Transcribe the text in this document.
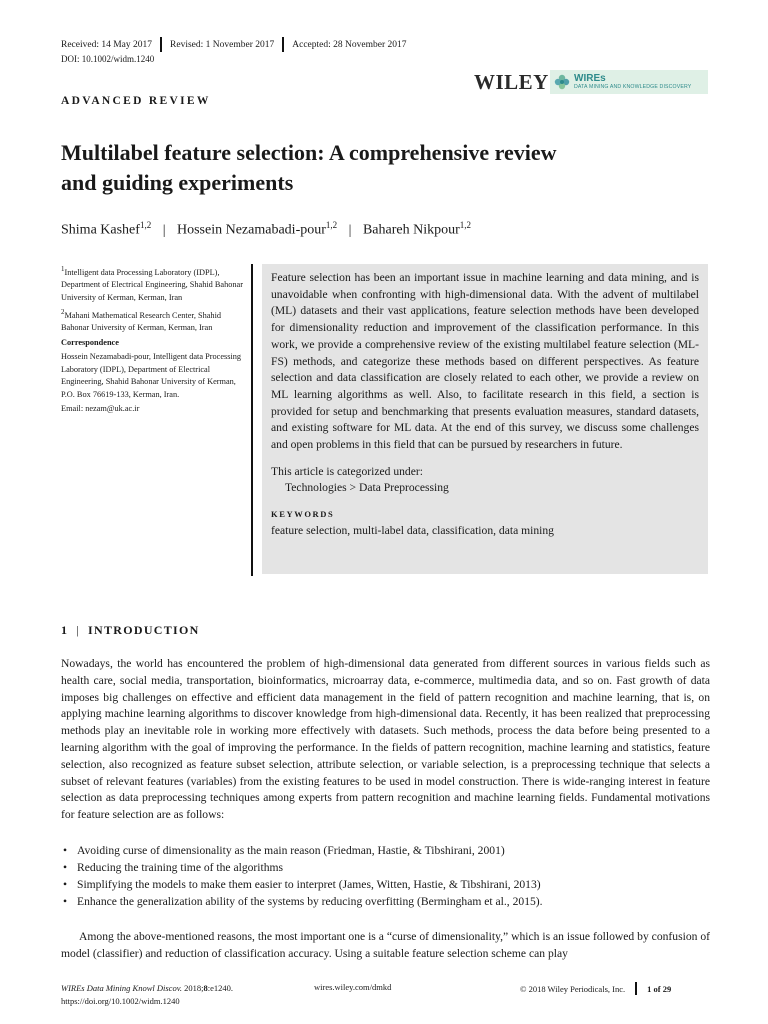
Received: 14 May 2017 Revised: 1 November 2017 Accepted: 28 November 2017
DOI: 10.1002/widm.1240
WILEY	WIREs
DATA MINING AND KNOWLEDGE DISCOVERY
ADVANCED REVIEW
Multilabel feature selection: A comprehensive review
and guiding experiments
Shima Kashef$^{1,2}$ | Hossein Nezamabadi-pour$^{1,2}$ | Bahareh Nikpour$^{1,2}$

$^1$Intelligent data Processing Laboratory (IDPL), Department of Electrical Engineering, Shahid Bahonar University of Kerman, Kerman, Iran

$^2$Mahani Mathematical Research Center, Shahid Bahonar University of Kerman, Kerman, Iran

Correspondence

Hossein Nezamabadi-pour, Intelligent data Processing Laboratory (IDPL), Department of Electrical Engineering, Shahid Bahonar University of Kerman, P.O. Box 76619-133, Kerman, Iran.

Email: nezam@uk.ac.ir

Feature selection has been an important issue in machine learning and data mining, and is unavoidable when confronting with high-dimensional data. With the advent of multilabel (ML) datasets and their vast applications, feature selection methods have been developed for dimensionality reduction and improvement of the classification performance. In this work, we provide a comprehensive review of the existing multilabel feature selection (ML-FS) methods, and categorize these methods based on different perspectives. As feature selection and data classification are closely related to each other, we provide a review on ML learning algorithms as well. Also, to facilitate research in this field, a section is provided for setup and benchmarking that presents evaluation measures, standard datasets, and existing software for ML data. At the end of this survey, we discuss some challenges and open problems in this field that can be pursued by researchers in future.

This article is categorized under:
Technologies > Data Preprocessing
KEYWORDS
feature selection, multi-label data, classification, data mining
1 | INTRODUCTION

Nowadays, the world has encountered the problem of high-dimensional data generated from different sources in various fields such as health care, social media, transportation, bioinformatics, microarray data, e-commerce, multimedia data, and so on. Fast growth of data imposes big challenges on effective and efficient data management in the field of pattern recognition and machine learning, that is, on applying machine learning algorithms to discover knowledge from high-dimensional data. Recently, it has been realized that preprocessing methods play an inevitable role in working more effectively with datasets. Such methods, process the data before being presented to a learning algorithm with the goal of improving the performance. In the fields of pattern recognition, machine learning and statistics, feature selection, also recognized as feature subset selection, attribute selection, or variable selection, is a preprocessing technique that selects a subset of relevant features (variables) from the existing features to be used in model construction. There is wide-ranging interest in feature selection as data preprocessing techniques among experts from pattern recognition and machine learning fields. Fundamental motivations for feature selection are as follows:

• Avoiding curse of dimensionality as the main reason (Friedman, Hastie, & Tibshirani, 2001)
• Reducing the training time of the algorithms
• Simplifying the models to make them easier to interpret (James, Witten, Hastie, & Tibshirani, 2013)
• Enhance the generalization ability of the systems by reducing overfitting (Bermingham et al., 2015).

Among the above-mentioned reasons, the most important one is a “curse of dimensionality,” which is an issue followed by confusion of model (classifier) and reduction of classification accuracy. Using a suitable feature selection scheme can play

WIREs Data Mining Knowl Discov. 2018;8:e1240.
https://doi.org/10.1002/widm.1240
wires.wiley.com/dmkd	© 2018 Wiley Periodicals, Inc.	1 of 29
